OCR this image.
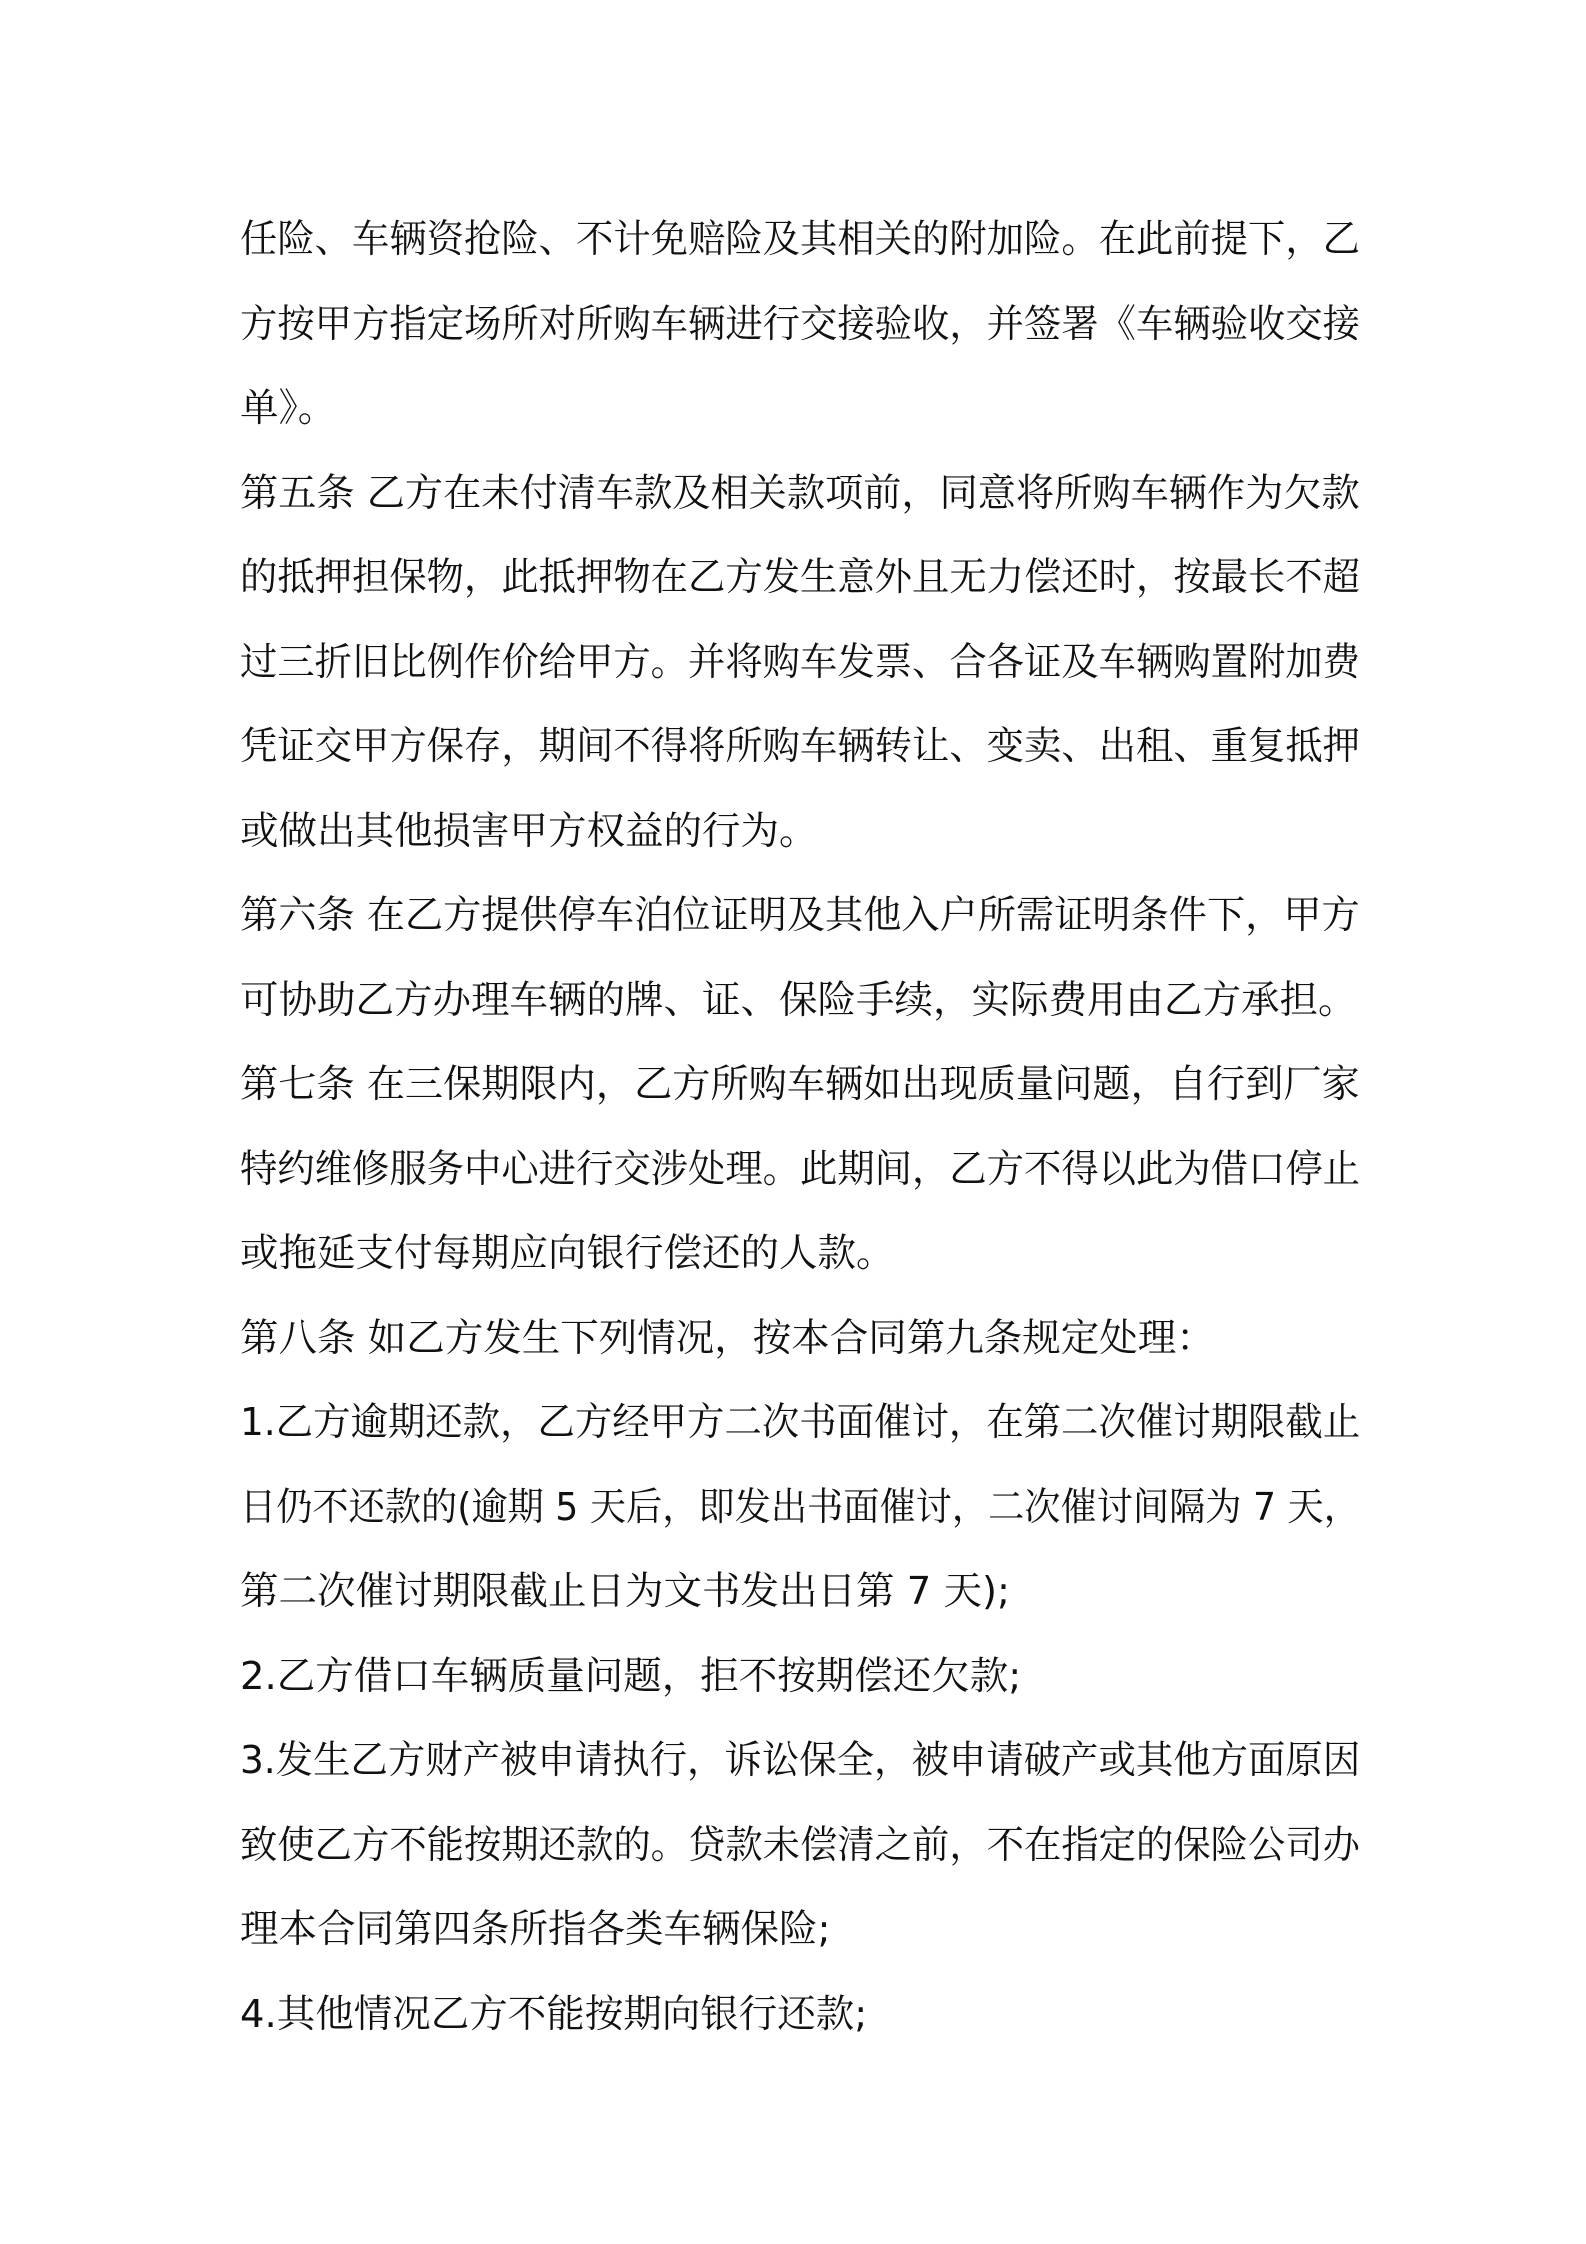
任险、车辆资抢险、不计免赔险及其相关的附加险。在此前提下，乙
方按甲方指定场所对所购车辆进行交接验收，并签署《车辆验收交接
单》。
第五条 乙方在未付清车款及相关款项前，同意将所购车辆作为欠款
的抵押担保物，此抵押物在乙方发生意外且无力偿还时，按最长不超
过三折旧比例作价给甲方。并将购车发票、合各证及车辆购置附加费
凭证交甲方保存，期间不得将所购车辆转让、变卖、出租、重复抵押
或做出其他损害甲方权益的行为。
第六条 在乙方提供停车泊位证明及其他入户所需证明条件下，甲方
可协助乙方办理车辆的牌、证、保险手续，实际费用由乙方承担。
第七条 在三保期限内，乙方所购车辆如出现质量问题，自行到厂家
特约维修服务中心进行交涉处理。此期间，乙方不得以此为借口停止
或拖延支付每期应向银行偿还的人款。
第八条 如乙方发生下列情况，按本合同第九条规定处理：
1.乙方逾期还款，乙方经甲方二次书面催讨，在第二次催讨期限截止
日仍不还款的(逾期 5 天后，即发出书面催讨，二次催讨间隔为 7 天，
第二次催讨期限截止日为文书发出日第 7 天);
2.乙方借口车辆质量问题，拒不按期偿还欠款;
3.发生乙方财产被申请执行，诉讼保全，被申请破产或其他方面原因
致使乙方不能按期还款的。贷款未偿清之前，不在指定的保险公司办
理本合同第四条所指各类车辆保险;
4.其他情况乙方不能按期向银行还款;
